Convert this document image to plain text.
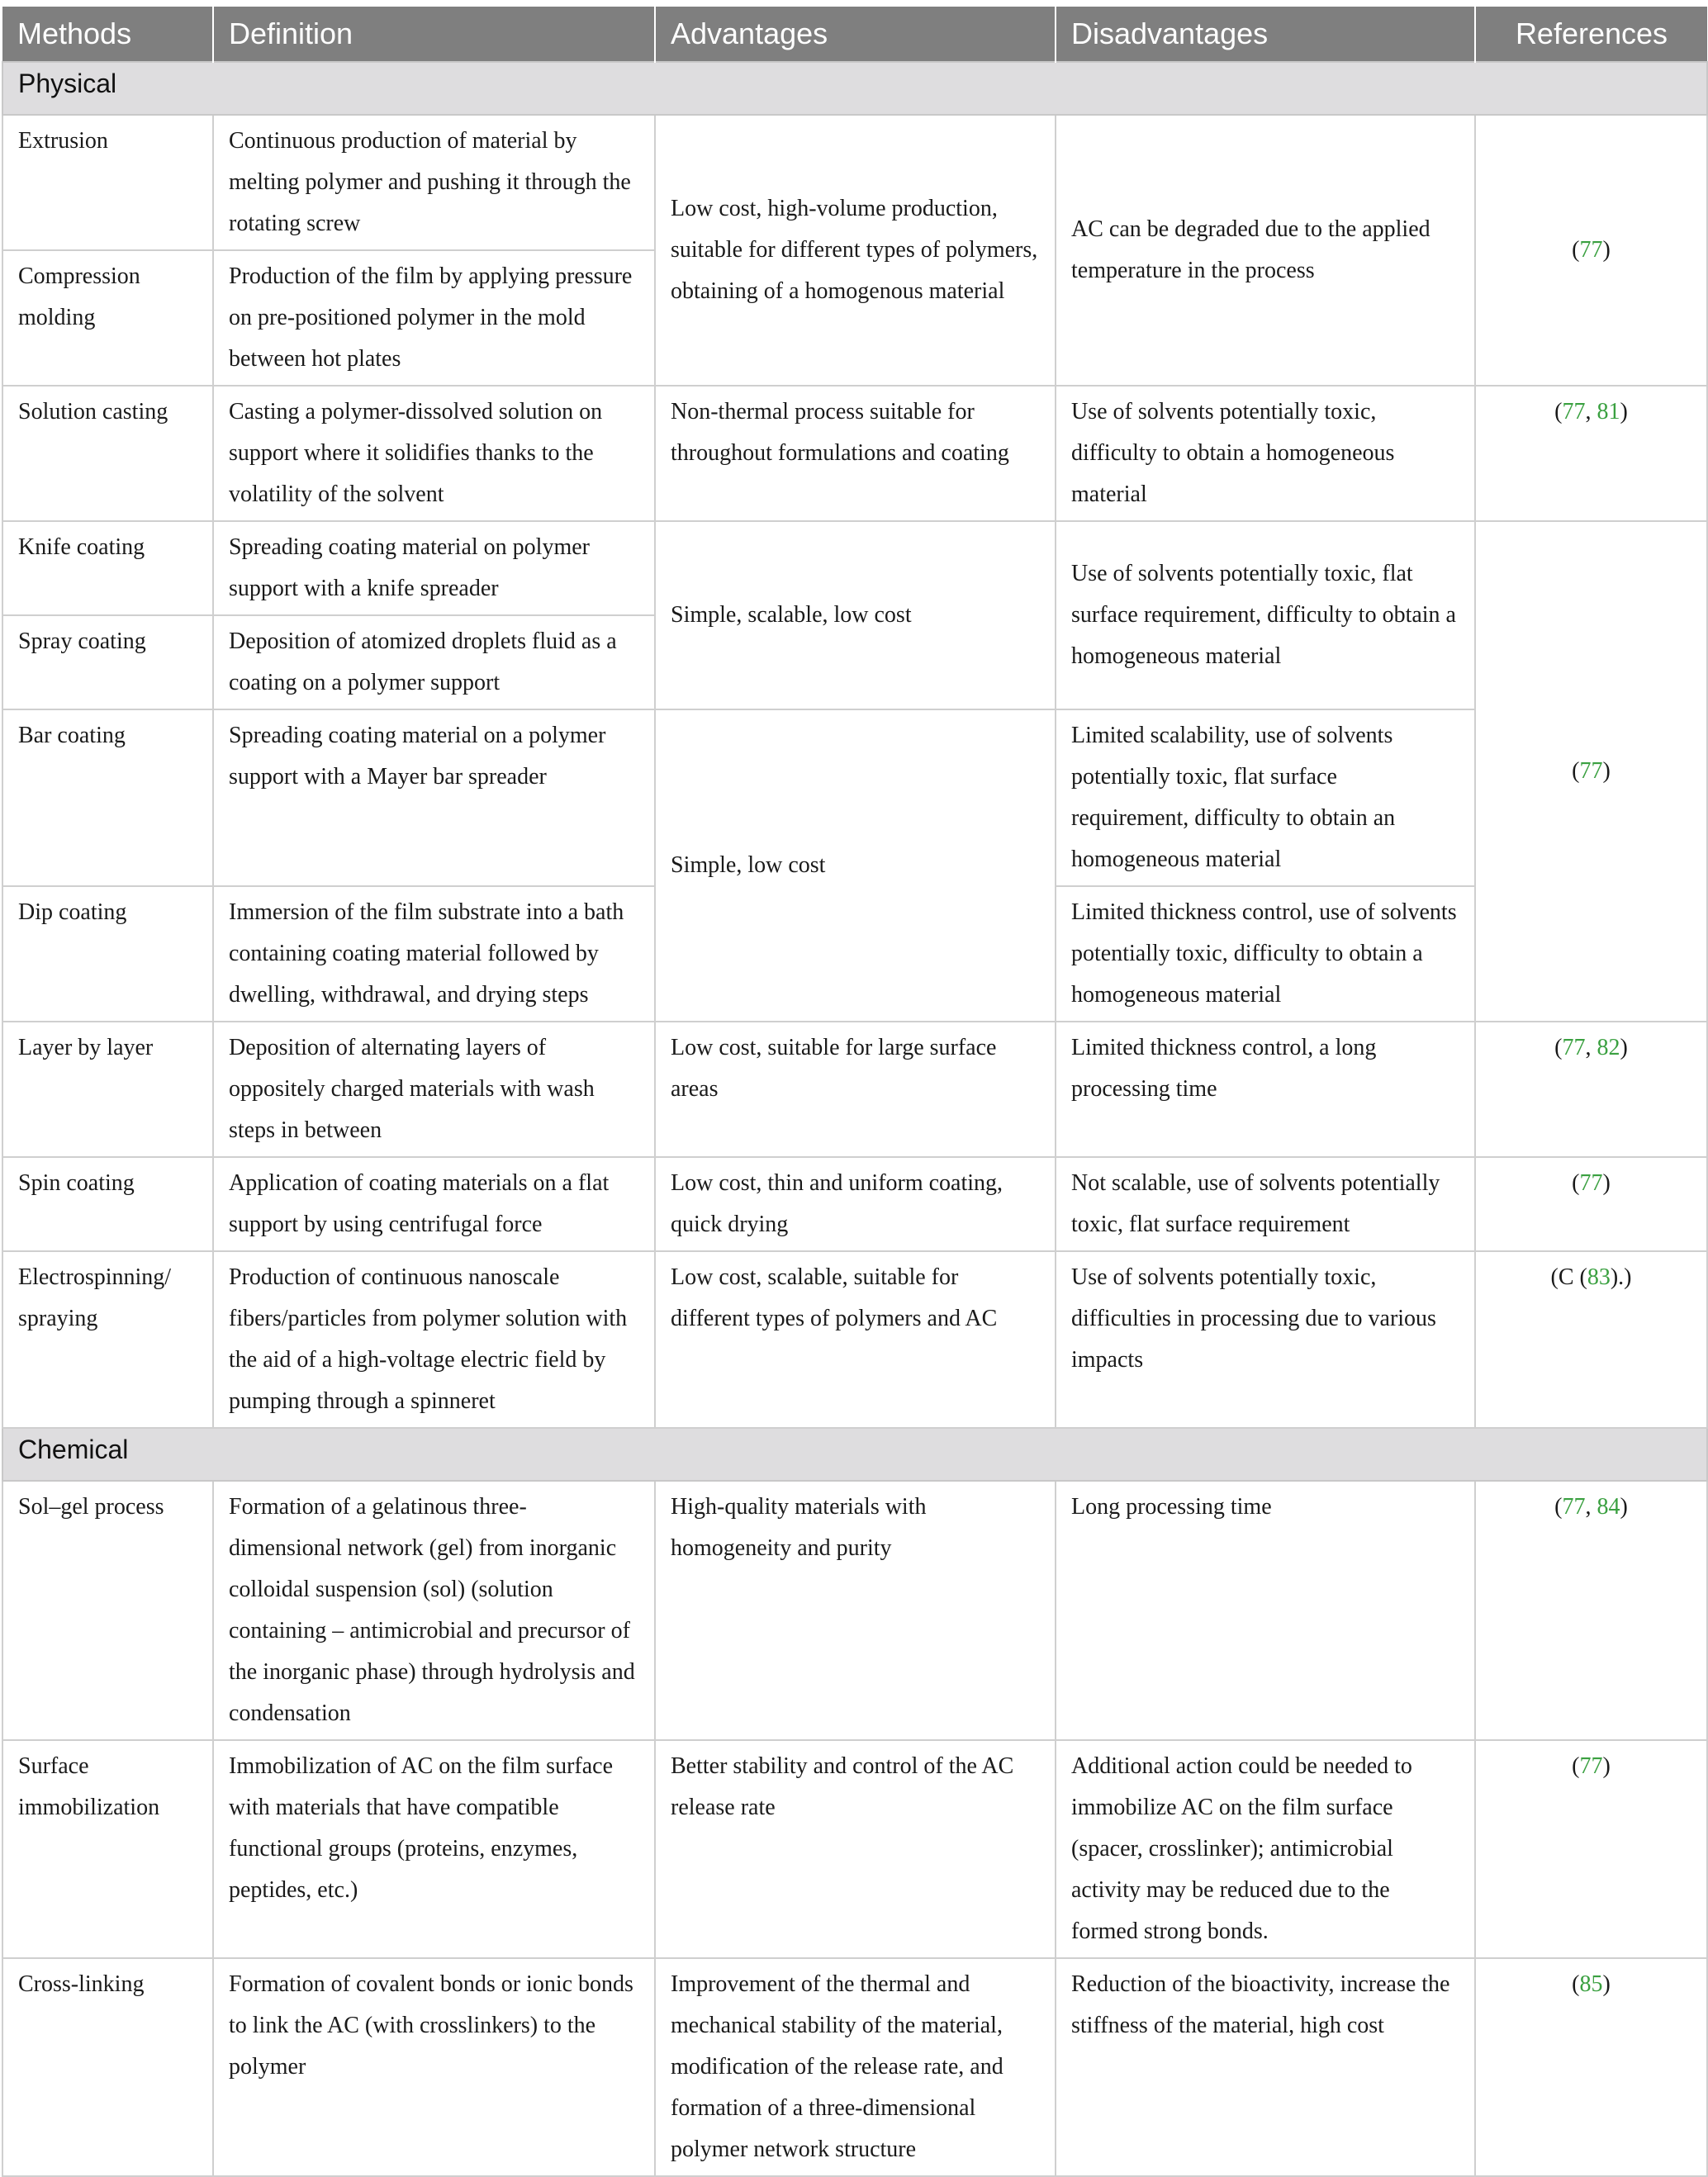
Methods	Definition	Advantages	Disadvantages	References
Physical				
Extrusion	Continuous production of material by melting polymer and pushing it through the rotating screw	Low cost, high-volume production, suitable for different types of polymers, obtaining of a homogenous material	AC can be degraded due to the applied temperature in the process	(77)
Compression molding	Production of the film by applying pressure on pre-positioned polymer in the mold between hot plates			
Solution casting	Casting a polymer-dissolved solution on support where it solidifies thanks to the volatility of the solvent	Non-thermal process suitable for throughout formulations and coating	Use of solvents potentially toxic, difficulty to obtain a homogeneous material	(77, 81)
Knife coating	Spreading coating material on polymer support with a knife spreader	Simple, scalable, low cost	Use of solvents potentially toxic, flat surface requirement, difficulty to obtain a homogeneous material	(77)
Spray coating	Deposition of atomized droplets fluid as a coating on a polymer support			
Bar coating	Spreading coating material on a polymer support with a Mayer bar spreader	Simple, low cost	Limited scalability, use of solvents potentially toxic, flat surface requirement, difficulty to obtain an homogeneous material	
Dip coating	Immersion of the film substrate into a bath containing coating material followed by dwelling, withdrawal, and drying steps		Limited thickness control, use of solvents potentially toxic, difficulty to obtain a homogeneous material	
Layer by layer	Deposition of alternating layers of oppositely charged materials with wash steps in between	Low cost, suitable for large surface areas	Limited thickness control, a long processing time	(77, 82)
Spin coating	Application of coating materials on a flat support by using centrifugal force	Low cost, thin and uniform coating, quick drying	Not scalable, use of solvents potentially toxic, flat surface requirement	(77)
Electrospinning/ spraying	Production of continuous nanoscale fibers/particles from polymer solution with the aid of a high-voltage electric field by pumping through a spinneret	Low cost, scalable, suitable for different types of polymers and AC	Use of solvents potentially toxic, difficulties in processing due to various impacts	(C (83).)
Chemical				
Sol–gel process	Formation of a gelatinous three-dimensional network (gel) from inorganic colloidal suspension (sol) (solution containing – antimicrobial and precursor of the inorganic phase) through hydrolysis and condensation	High-quality materials with homogeneity and purity	Long processing time	(77, 84)
Surface immobilization	Immobilization of AC on the film surface with materials that have compatible functional groups (proteins, enzymes, peptides, etc.)	Better stability and control of the AC release rate	Additional action could be needed to immobilize AC on the film surface (spacer, crosslinker); antimicrobial activity may be reduced due to the formed strong bonds.	(77)
Cross-linking	Formation of covalent bonds or ionic bonds to link the AC (with crosslinkers) to the polymer	Improvement of the thermal and mechanical stability of the material, modification of the release rate, and formation of a three-dimensional polymer network structure	Reduction of the bioactivity, increase the stiffness of the material, high cost	(85)
